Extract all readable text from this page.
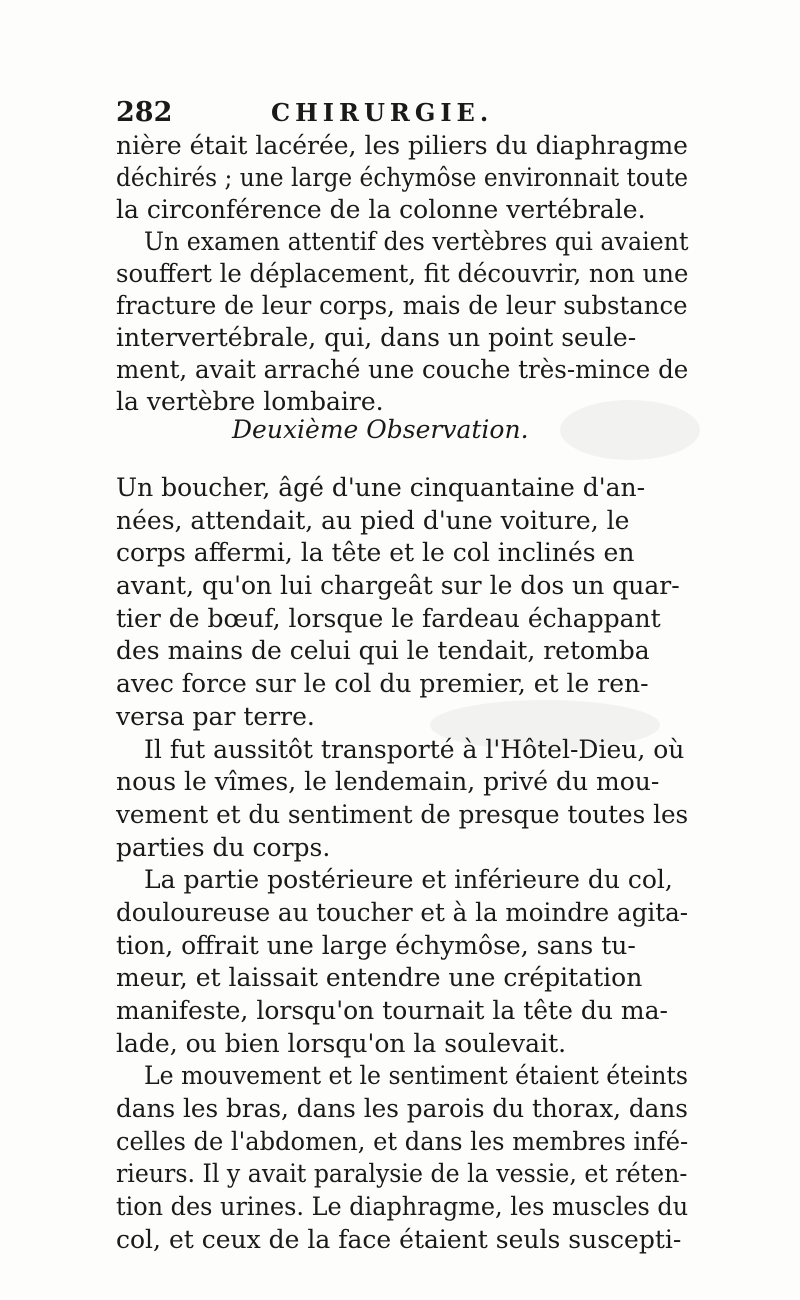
282	CHIRURGIE.
nière était lacérée, les piliers du diaphragme
déchirés ; une large échymôse environnait toute
la circonférence de la colonne vertébrale.
Un examen attentif des vertèbres qui avaient
souffert le déplacement, fit découvrir, non une
fracture de leur corps, mais de leur substance
intervertébrale, qui, dans un point seule-
ment, avait arraché une couche très-mince de
la vertèbre lombaire.
Deuxième Observation.
Un boucher, âgé d'une cinquantaine d'an-
nées, attendait, au pied d'une voiture, le
corps affermi, la tête et le col inclinés en
avant, qu'on lui chargeât sur le dos un quar-
tier de bœuf, lorsque le fardeau échappant
des mains de celui qui le tendait, retomba
avec force sur le col du premier, et le ren-
versa par terre.
Il fut aussitôt transporté à l'Hôtel-Dieu, où
nous le vîmes, le lendemain, privé du mou-
vement et du sentiment de presque toutes les
parties du corps.
La partie postérieure et inférieure du col,
douloureuse au toucher et à la moindre agita-
tion, offrait une large échymôse, sans tu-
meur, et laissait entendre une crépitation
manifeste, lorsqu'on tournait la tête du ma-
lade, ou bien lorsqu'on la soulevait.
Le mouvement et le sentiment étaient éteints
dans les bras, dans les parois du thorax, dans
celles de l'abdomen, et dans les membres infé-
rieurs. Il y avait paralysie de la vessie, et réten-
tion des urines. Le diaphragme, les muscles du
col, et ceux de la face étaient seuls suscepti-
